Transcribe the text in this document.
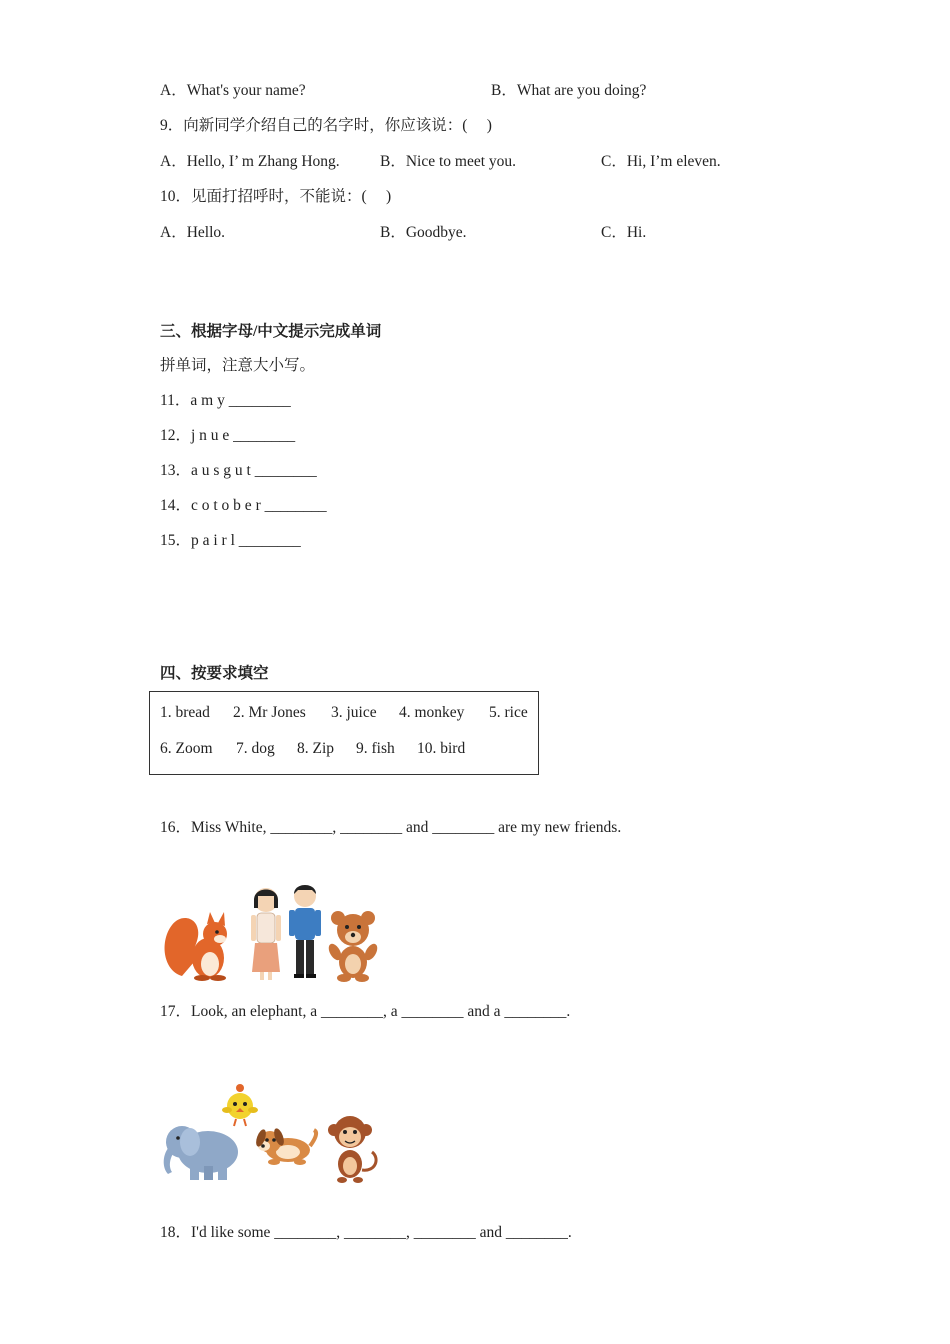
A．What's your name?	B．What are you doing?
9．向新同学介绍自己的名字时，你应该说：(　 )
A．Hello, I’ m Zhang Hong.	B．Nice to meet you.	C．Hi, I’m eleven.
10．见面打招呼时，不能说：(　 )
A．Hello.	B．Goodbye.	C．Hi.
三、根据字母/中文提示完成单词
拼单词，注意大小写。
11．a m y ________
12．j n u e ________
13．a u s g u t ________
14．c o t o b e r ________
15．p a i r l ________
四、按要求填空
1. bread 2. Mr Jones 3. juice 4. monkey 5. rice
6. Zoom 7. dog 8. Zip 9. fish 10. bird
16．Miss White, ________, ________ and ________ are my new friends.
17．Look, an elephant, a ________, a ________ and a ________.
18．I'd like some ________, ________, ________ and ________.
